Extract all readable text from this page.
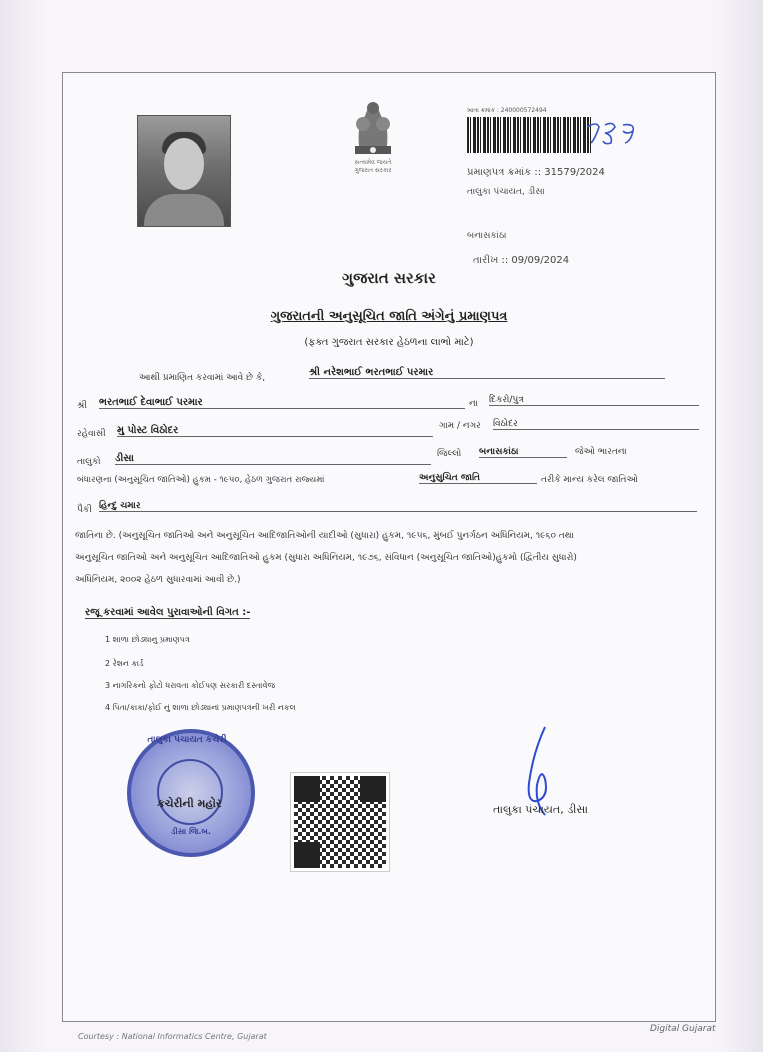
સત્યમેવ જયતે
ગુજરાત સરકાર
ખાતા ક્રમાંક : 240000572494
પ્રમાણપત્ર ક્રમાંક :: 31579/2024
તાલુકા પંચાયત, ડીસા
બનાસકાંઠા
તારીખ :: 09/09/2024
ગુજરાત સરકાર
ગુજરાતની અનુસૂચિત જાતિ અંગેનું પ્રમાણપત્ર
(ફક્ત ગુજરાત સરકાર હેઠળના લાભો માટે)
આથી પ્રમાણિત કરવામાં આવે છે કે,	શ્રી નરેશભાઈ ભરતભાઈ પરમાર
શ્રી ભરતભાઈ દેવાભાઈ પરમાર	ના દિકરો/પુત્ર
રહેવાસી મુ પોસ્ટ વિઠોદર	ગામ / નગર વિઠોદર
તાલુકો ડીસા	જિલ્લો બનાસકાંઠા	જેઓ ભારતના
બંધારણના (અનુસૂચિત જાતિઓ) હુકમ - ૧૯૫૦, હેઠળ ગુજરાત રાજ્યમાં	અનુસુચિત જાતિ	તરીકે માન્ય કરેલ જાતિઓ
પૈકી હિન્દુ ચમાર
જાતિના છે. (અનુસૂચિત જાતિઓ અને અનુસૂચિત આદિજાતિઓની યાદીઓ (સુધારા) હુકમ, ૧૯૫૬, મુંબઈ પુનર્ગઠન અધિનિયમ, ૧૯૬૦ તથા
અનુસૂચિત જાતિઓ અને અનુસૂચિત આદિજાતિઓ હુકમ (સુધારા અધિનિયમ, ૧૯૭૬, સંવિધાન (અનુસૂચિત જાતિઓ)હુકમો (દ્વિતીય સુધારો)
અધિનિયમ, ૨૦૦૨ હેઠળ સુધારવામાં આવી છે.)
રજૂ કરવામાં આવેલ પુરાવાઓની વિગત :-
1 શાળા છોડ્યાનુ પ્રમાણપત્ર
2 રેશન કાર્ડ
3 નાગરિકનો ફોટો ધરાવતા કોઈપણ સરકારી દસ્તાવેજ
4 પિતા/કાકા/ફોઈ નું શાળા છોડ્યાનાં પ્રમાણપત્રની ખરી નકલ
તાલુકા પંચાયત કચેરી
ડીસા જિ.બ.
કચેરીની મહોર	તાલુકા પંચાયત, ડીસા
Courtesy : National Informatics Centre, Gujarat
Digital Gujarat
